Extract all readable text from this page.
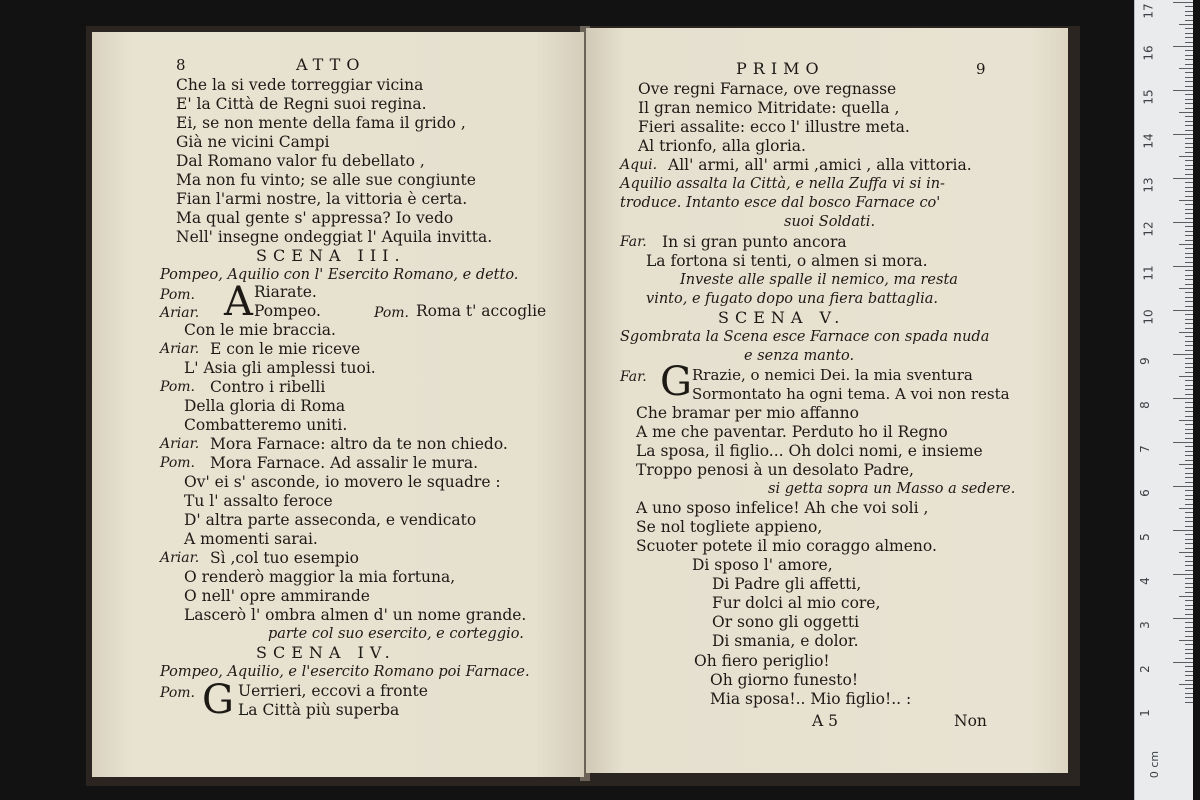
8	ATTO
Che la si vede torreggiar vicina
E' la Città de Regni suoi regina.
Ei, se non mente della fama il grido ,
Già ne vicini Campi
Dal Romano valor fu debellato ,
Ma non fu vinto; se alle sue congiunte
Fian l'armi nostre, la vittoria è certa.
Ma qual gente s' appressa? Io vedo
Nell' insegne ondeggiat l' Aquila invitta.
SCENA III.
Pompeo, Aquilio con l' Esercito Romano, e detto.
Pom. A Riarate.
Ariar.	Pompeo.	Pom. Roma t' accoglie
Con le mie braccia.
Ariar. E con le mie riceve
L' Asia gli amplessi tuoi.
Pom. Contro i ribelli
Della gloria di Roma
Combatteremo uniti.
Ariar. Mora Farnace: altro da te non chiedo.
Pom. Mora Farnace. Ad assalir le mura.
Ov' ei s' asconde, io movero le squadre :
Tu l' assalto feroce
D' altra parte asseconda, e vendicato
A momenti sarai.
Ariar. Sì ,col tuo esempio
O renderò maggior la mia fortuna,
O nell' opre ammirande
Lascerò l' ombra almen d' un nome grande.
parte col suo esercito, e corteggio.
SCENA IV.
Pompeo, Aquilio, e l'esercito Romano poi Farnace.
Pom. G Uerrieri, eccovi a fronte
La Città più superba
PRIMO	9
Ove regni Farnace, ove regnasse
Il gran nemico Mitridate: quella ,
Fieri assalite: ecco l' illustre meta.
Al trionfo, alla gloria.
Aqui. All' armi, all' armi ,amici , alla vittoria.
Aquilio assalta la Città, e nella Zuffa vi si in-
troduce. Intanto esce dal bosco Farnace co'
suoi Soldati.
Far. In si gran punto ancora
La fortona si tenti, o almen si mora.
Investe alle spalle il nemico, ma resta
vinto, e fugato dopo una fiera battaglia.
SCENA V.
Sgombrata la Scena esce Farnace con spada nuda
e senza manto.
Far. G Rrazie, o nemici Dei. la mia sventura
Sormontato ha ogni tema. A voi non resta
Che bramar per mio affanno
A me che paventar. Perduto ho il Regno
La sposa, il figlio... Oh dolci nomi, e insieme
Troppo penosi à un desolato Padre,
si getta sopra un Masso a sedere.
A uno sposo infelice! Ah che voi soli ,
Se nol togliete appieno,
Scuoter potete il mio coraggo almeno.
Di sposo l' amore,
Di Padre gli affetti,
Fur dolci al mio core,
Or sono gli oggetti
Di smania, e dolor.
Oh fiero periglio!
Oh giorno funesto!
Mia sposa!.. Mio figlio!.. :
A 5	Non
17
16
15
14
13
12
11
10
9
8
7
6
5
4
3
2
1
0 cm
